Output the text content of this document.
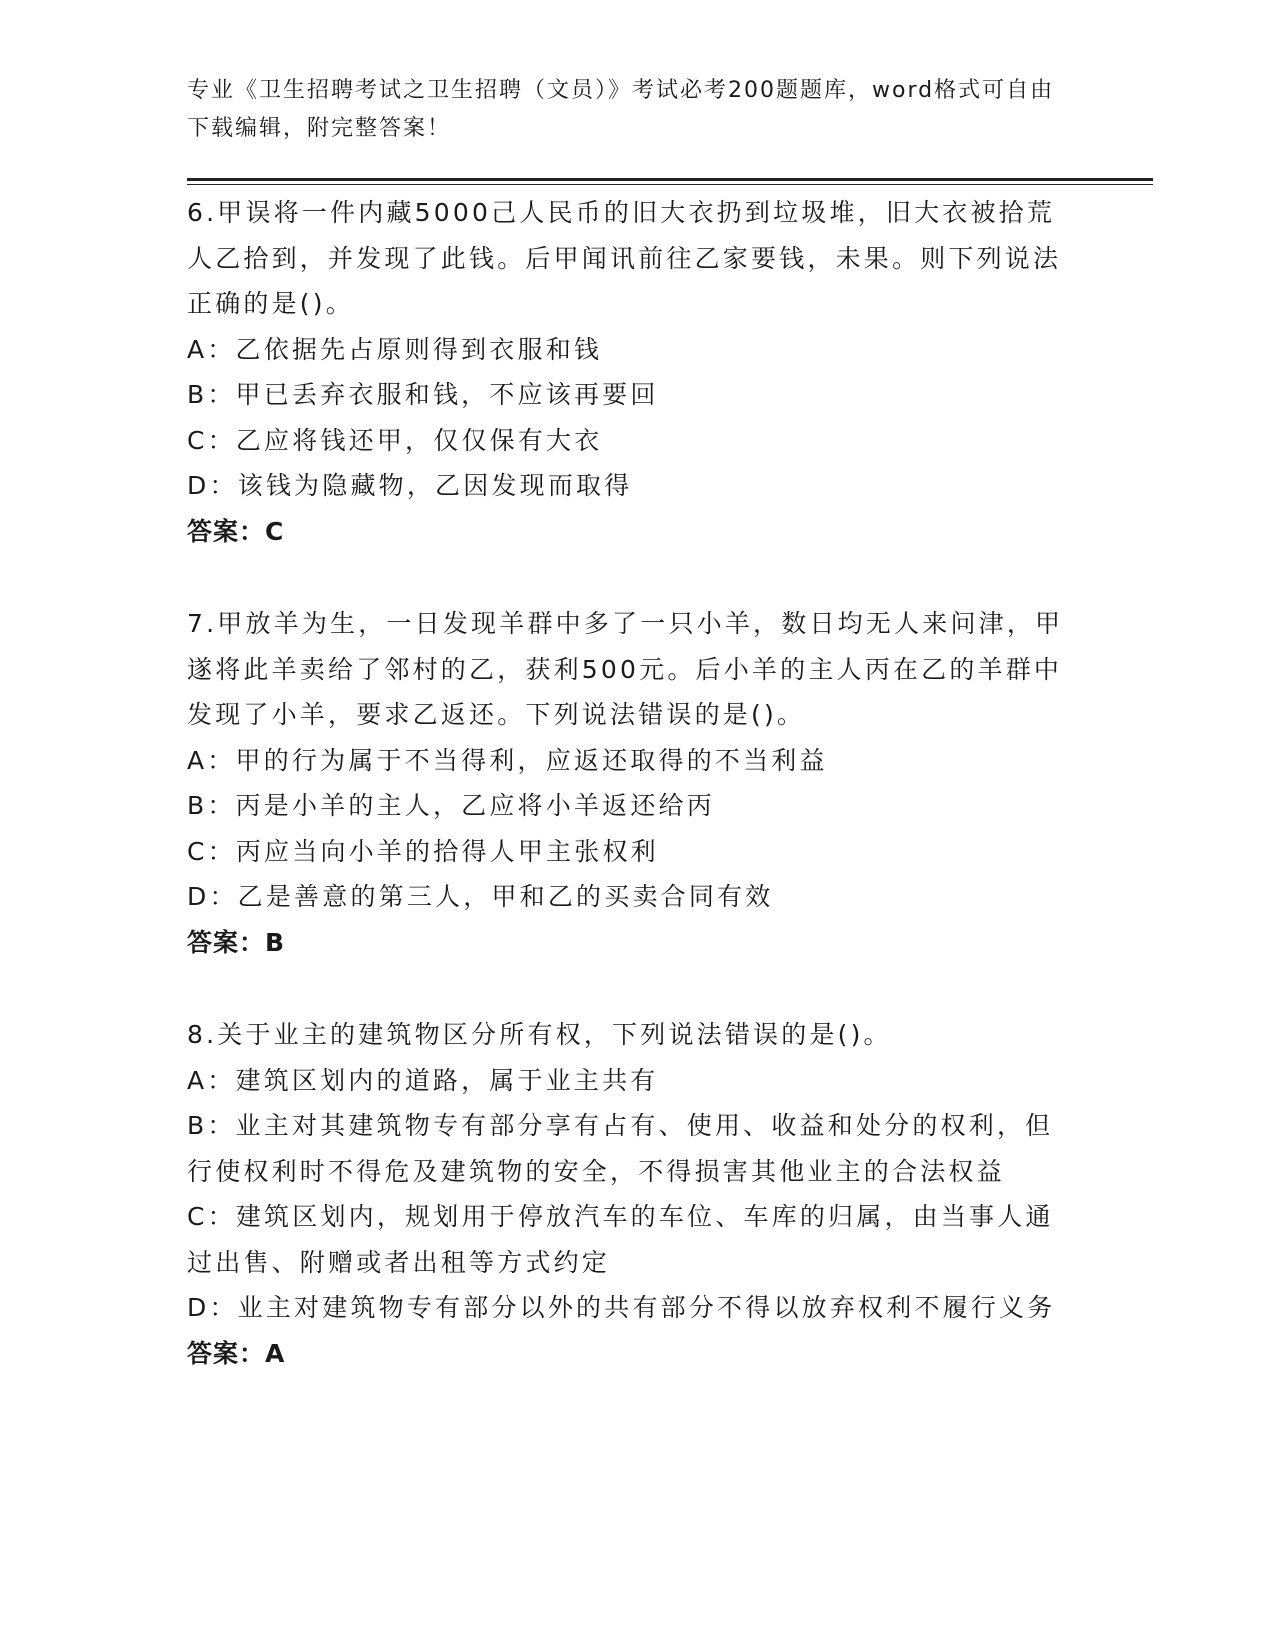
专业《卫生招聘考试之卫生招聘（文员）》考试必考200题题库，word格式可自由下载编辑，附完整答案！

6.甲误将一件内藏5000己人民币的旧大衣扔到垃圾堆，旧大衣被拾荒人乙拾到，并发现了此钱。后甲闻讯前往乙家要钱，未果。则下列说法正确的是()。

A：乙依据先占原则得到衣服和钱

B：甲已丢弃衣服和钱，不应该再要回

C：乙应将钱还甲，仅仅保有大衣

D：该钱为隐藏物，乙因发现而取得

答案：C

7.甲放羊为生，一日发现羊群中多了一只小羊，数日均无人来问津，甲遂将此羊卖给了邻村的乙，获利500元。后小羊的主人丙在乙的羊群中发现了小羊，要求乙返还。下列说法错误的是()。

A：甲的行为属于不当得利，应返还取得的不当利益

B：丙是小羊的主人，乙应将小羊返还给丙

C：丙应当向小羊的拾得人甲主张权利

D：乙是善意的第三人，甲和乙的买卖合同有效

答案：B

8.关于业主的建筑物区分所有权，下列说法错误的是()。

A：建筑区划内的道路，属于业主共有

B：业主对其建筑物专有部分享有占有、使用、收益和处分的权利，但行使权利时不得危及建筑物的安全，不得损害其他业主的合法权益

C：建筑区划内，规划用于停放汽车的车位、车库的归属，由当事人通过出售、附赠或者出租等方式约定

D：业主对建筑物专有部分以外的共有部分不得以放弃权利不履行义务

答案：A
